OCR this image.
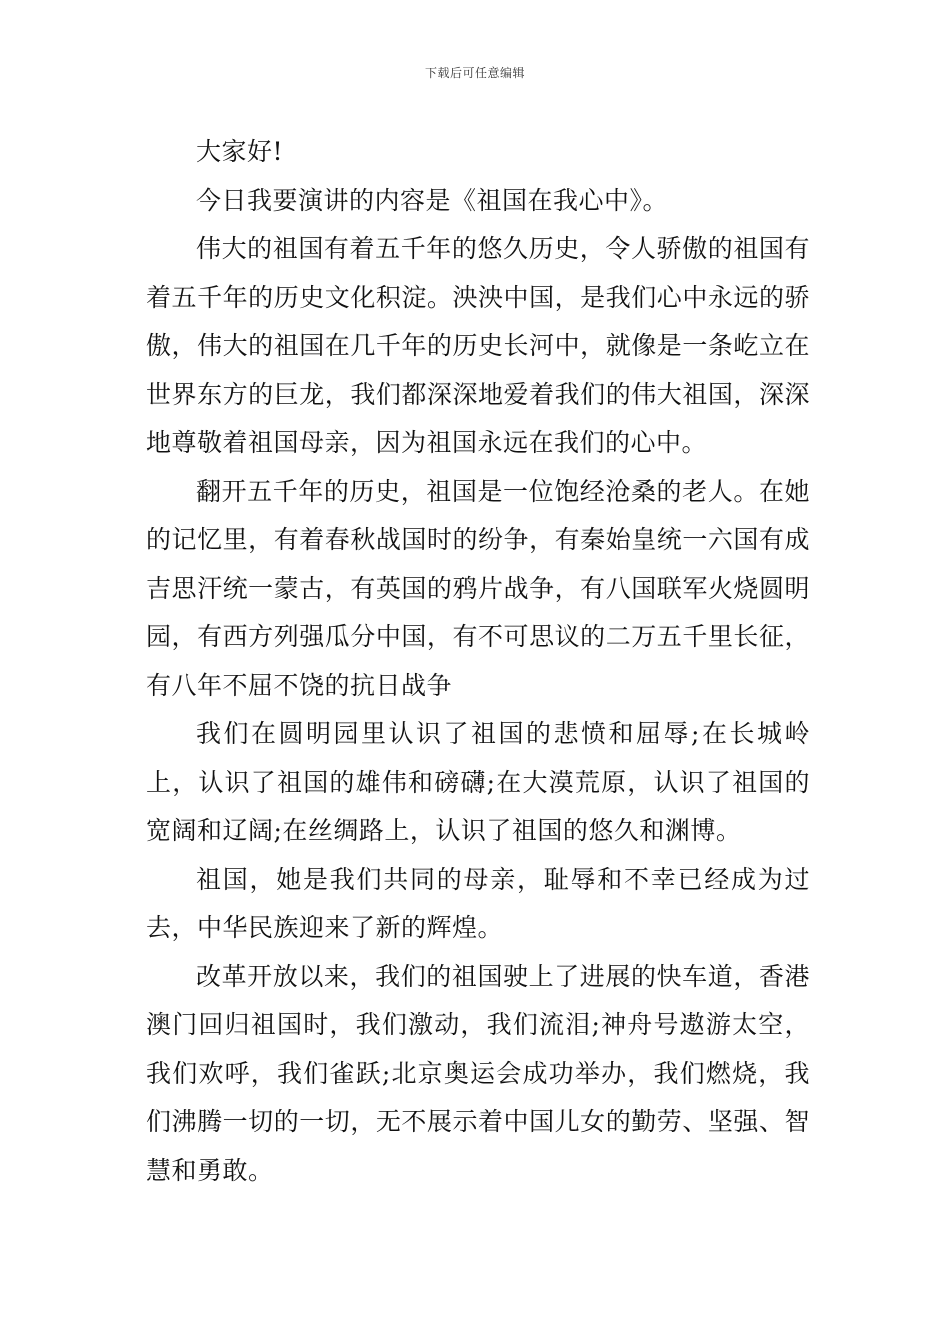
下载后可任意编辑

大家好!

今日我要演讲的内容是《祖国在我心中》。

伟大的祖国有着五千年的悠久历史，令人骄傲的祖国有着五千年的历史文化积淀。泱泱中国，是我们心中永远的骄傲，伟大的祖国在几千年的历史长河中，就像是一条屹立在世界东方的巨龙，我们都深深地爱着我们的伟大祖国，深深地尊敬着祖国母亲，因为祖国永远在我们的心中。

翻开五千年的历史，祖国是一位饱经沧桑的老人。在她的记忆里，有着春秋战国时的纷争，有秦始皇统一六国有成吉思汗统一蒙古，有英国的鸦片战争，有八国联军火烧圆明园，有西方列强瓜分中国，有不可思议的二万五千里长征，有八年不屈不饶的抗日战争

我们在圆明园里认识了祖国的悲愤和屈辱;在长城岭上，认识了祖国的雄伟和磅礴;在大漠荒原，认识了祖国的宽阔和辽阔;在丝绸路上，认识了祖国的悠久和渊博。

祖国，她是我们共同的母亲，耻辱和不幸已经成为过去，中华民族迎来了新的辉煌。

改革开放以来，我们的祖国驶上了进展的快车道，香港澳门回归祖国时，我们激动，我们流泪;神舟号遨游太空，我们欢呼，我们雀跃;北京奥运会成功举办，我们燃烧，我们沸腾一切的一切，无不展示着中国儿女的勤劳、坚强、智慧和勇敢。
